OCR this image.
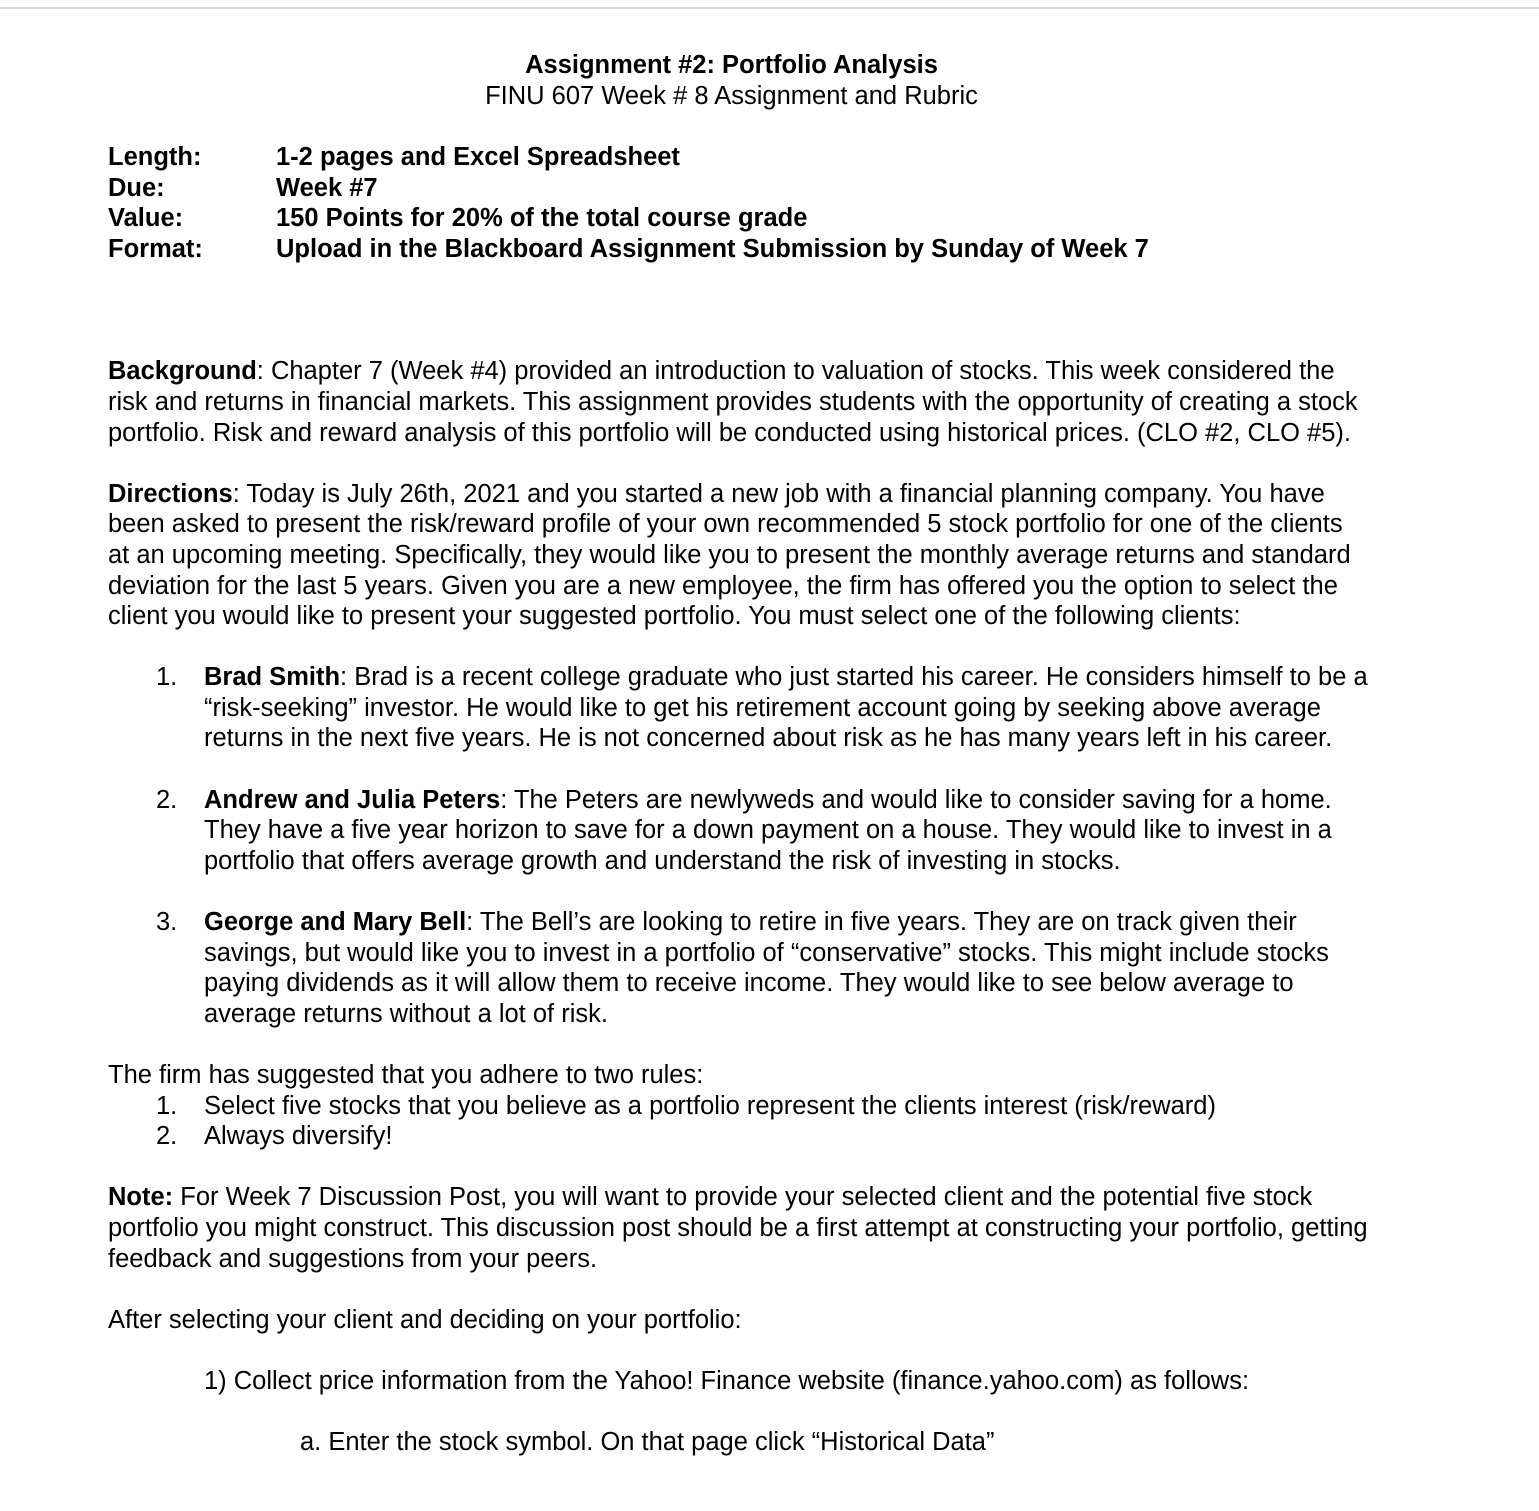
Assignment #2: Portfolio Analysis
FINU 607 Week # 8 Assignment and Rubric
Length:	1-2 pages and Excel Spreadsheet
Due:	Week #7
Value:	150 Points for 20% of the total course grade
Format:	Upload in the Blackboard Assignment Submission by Sunday of Week 7

Background: Chapter 7 (Week #4) provided an introduction to valuation of stocks. This week considered the risk and returns in financial markets. This assignment provides students with the opportunity of creating a stock portfolio. Risk and reward analysis of this portfolio will be conducted using historical prices. (CLO #2, CLO #5).

Directions: Today is July 26th, 2021 and you started a new job with a financial planning company. You have been asked to present the risk/reward profile of your own recommended 5 stock portfolio for one of the clients at an upcoming meeting. Specifically, they would like you to present the monthly average returns and standard deviation for the last 5 years. Given you are a new employee, the firm has offered you the option to select the client you would like to present your suggested portfolio. You must select one of the following clients:

1.	Brad Smith: Brad is a recent college graduate who just started his career. He considers himself to be a “risk-seeking” investor. He would like to get his retirement account going by seeking above average returns in the next five years. He is not concerned about risk as he has many years left in his career.
2.	Andrew and Julia Peters: The Peters are newlyweds and would like to consider saving for a home. They have a five year horizon to save for a down payment on a house. They would like to invest in a portfolio that offers average growth and understand the risk of investing in stocks.
3.	George and Mary Bell: The Bell’s are looking to retire in five years. They are on track given their savings, but would like you to invest in a portfolio of “conservative” stocks. This might include stocks paying dividends as it will allow them to receive income. They would like to see below average to average returns without a lot of risk.

The firm has suggested that you adhere to two rules:

1.	Select five stocks that you believe as a portfolio represent the clients interest (risk/reward)
2.	Always diversify!

Note: For Week 7 Discussion Post, you will want to provide your selected client and the potential five stock portfolio you might construct. This discussion post should be a first attempt at constructing your portfolio, getting feedback and suggestions from your peers.

After selecting your client and deciding on your portfolio:

1) Collect price information from the Yahoo! Finance website (finance.yahoo.com) as follows:

a. Enter the stock symbol. On that page click “Historical Data”
